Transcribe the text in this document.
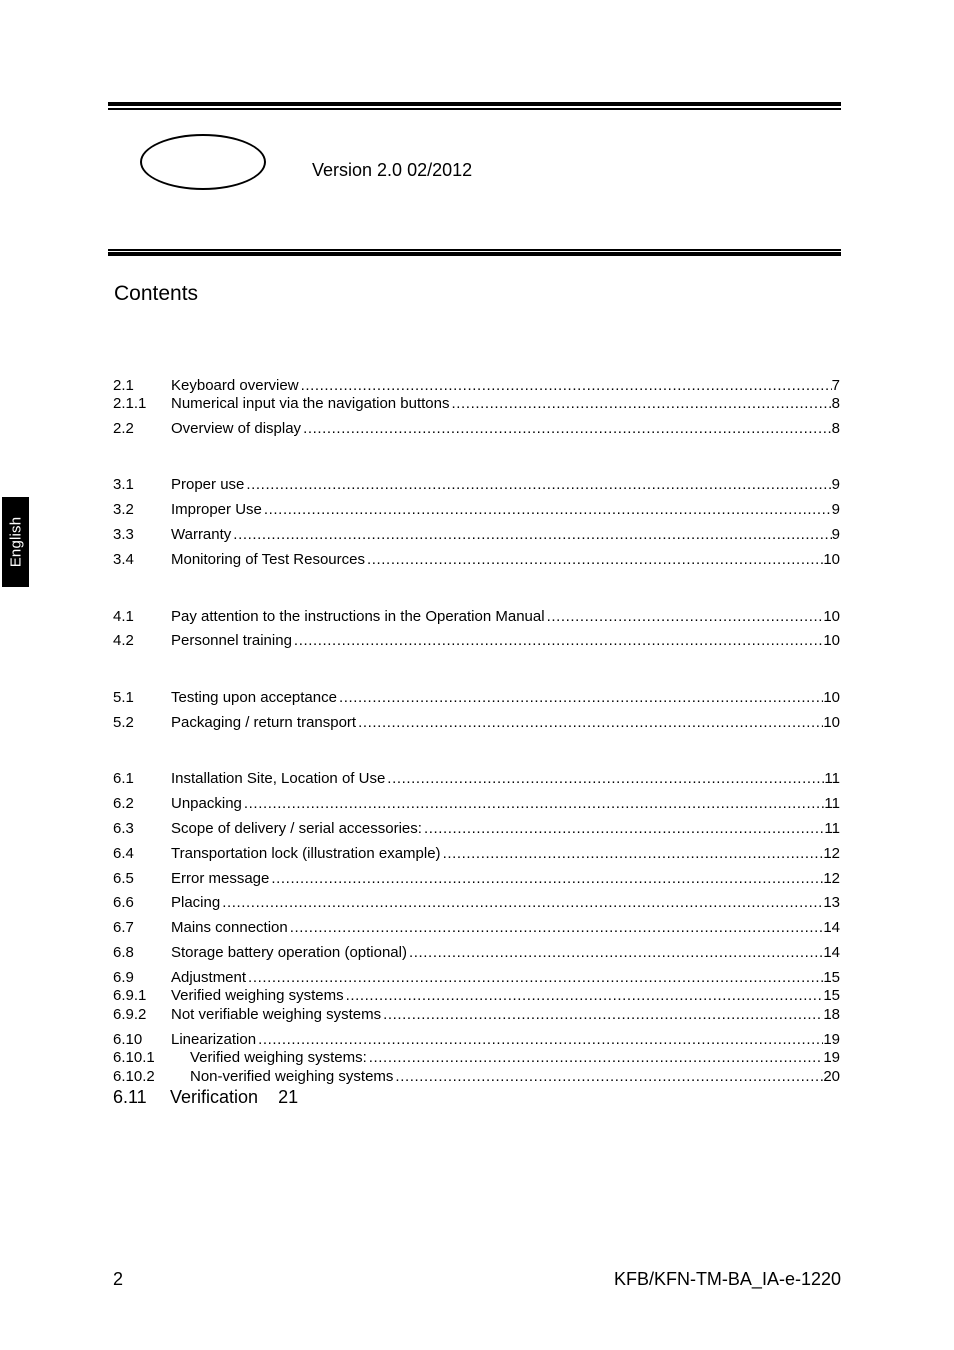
Version 2.0 02/2012
Contents
English
2.1	Keyboard overview .....	7
2.1.1	Numerical input via the navigation buttons .....	8
2.2	Overview of display .....	8
3.1	Proper use .....	9
3.2	Improper Use .....	9
3.3	Warranty .....	9
3.4	Monitoring of Test Resources .....	10
4.1	Pay attention to the instructions in the Operation Manual .....	10
4.2	Personnel training .....	10
5.1	Testing upon acceptance .....	10
5.2	Packaging / return transport .....	10
6.1	Installation Site, Location of Use .....	11
6.2	Unpacking .....	11
6.3	Scope of delivery / serial accessories: .....	11
6.4	Transportation lock (illustration example) .....	12
6.5	Error message .....	12
6.6	Placing .....	13
6.7	Mains connection .....	14
6.8	Storage battery operation (optional) .....	14
6.9	Adjustment .....	15
6.9.1	Verified weighing systems .....	15
6.9.2	Not verifiable weighing systems .....	18
6.10	Linearization .....	19
6.10.1	Verified weighing systems: .....	19
6.10.2	Non-verified weighing systems .....	20
6.11	Verification 21
2	KFB/KFN-TM-BA_IA-e-1220
